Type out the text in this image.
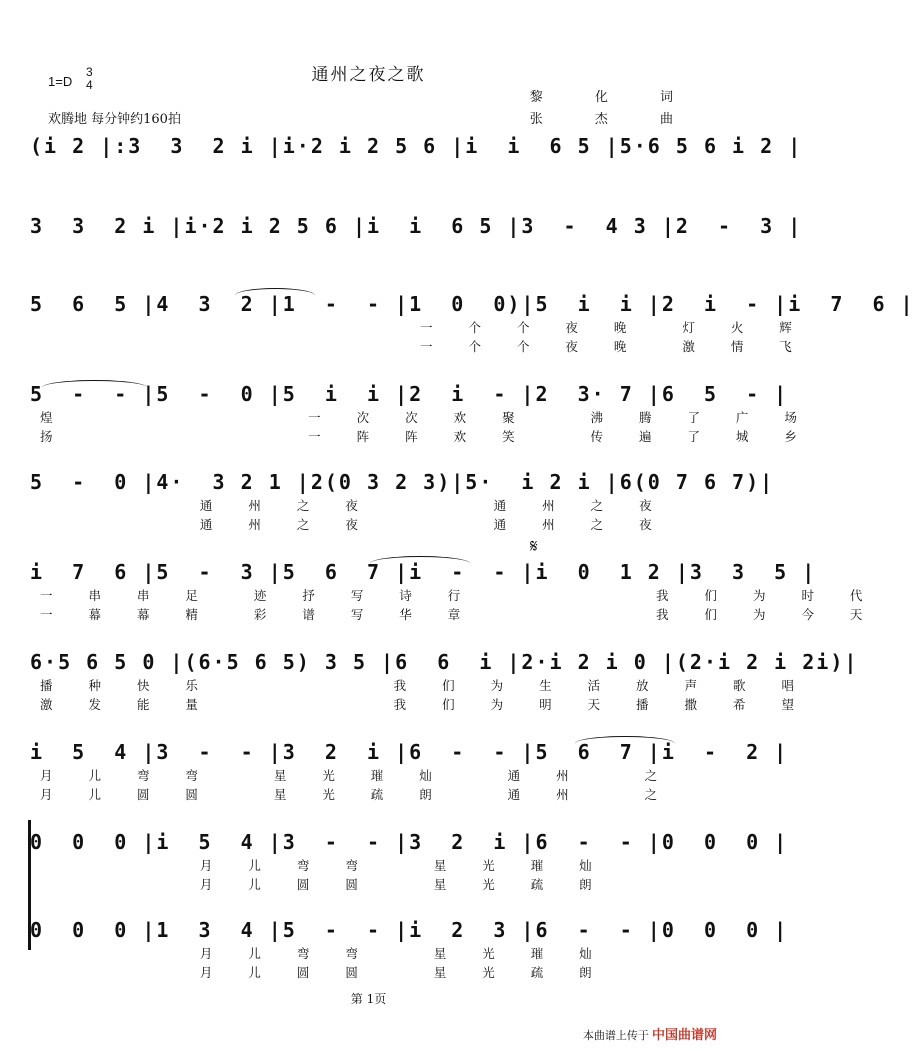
通州之夜之歌
1=D
3
4
欢腾地 每分钟约160拍
黎 化 词
张 杰 曲
(i 2 |:3  3  2 i |i·2 i 2 5 6 |i  i  6 5 |5·6 5 6 i 2 |
3  3  2 i |i·2 i 2 5 6 |i  i  6 5 |3  -  4 3 |2  -  3 |
5  6  5 |4  3  2 |1  -  - |1  0  0)|5  i  i |2  i  - |i  7  6 |
一 个 个 夜 晚  灯 火 辉
一 个 个 夜 晚  激 情 飞
5  -  - |5  -  0 |5  i  i |2  i  - |2  3· 7 |6  5  - |
煌            一 次 次 欢 聚   沸 腾 了 广 场
扬            一 阵 阵 欢 笑   传 遍 了 城 乡
5  -  0 |4·  3 2 1 |2(0 3 2 3)|5·  i 2 i |6(0 7 6 7)|
通 州 之 夜      通 州 之 夜
通 州 之 夜      通 州 之 夜
i  7  6 |5  -  3 |5  6  7 |i  -  - |i  0  1 2 |3  3  5 |
一 串 串 足  迹 抒 写 诗 行         我 们 为 时 代
一 幕 幕 精  彩 谱 写 华 章         我 们 为 今 天
6·5 6 5 0 |(6·5 6 5) 3 5 |6  6  i |2·i 2 i 0 |(2·i 2 i 2i)|
播 种 快 乐         我 们 为 生 活 放 声 歌 唱
激 发 能 量         我 们 为 明 天 播 撒 希 望
i  5  4 |3  -  - |3  2  i |6  -  - |5  6  7 |i  -  2 |
月 儿 弯 弯   星 光 璀 灿   通 州   之
月 儿 圆 圆   星 光 疏 朗   通 州   之
0  0  0 |i  5  4 |3  -  - |3  2  i |6  -  - |0  0  0 |
月 儿 弯 弯   星 光 璀 灿
月 儿 圆 圆   星 光 疏 朗
0  0  0 |1  3  4 |5  -  - |i  2  3 |6  -  - |0  0  0 |
月 儿 弯 弯   星 光 璀 灿
月 儿 圆 圆   星 光 疏 朗
𝄋
第 1页
本曲谱上传于 中国曲谱网
